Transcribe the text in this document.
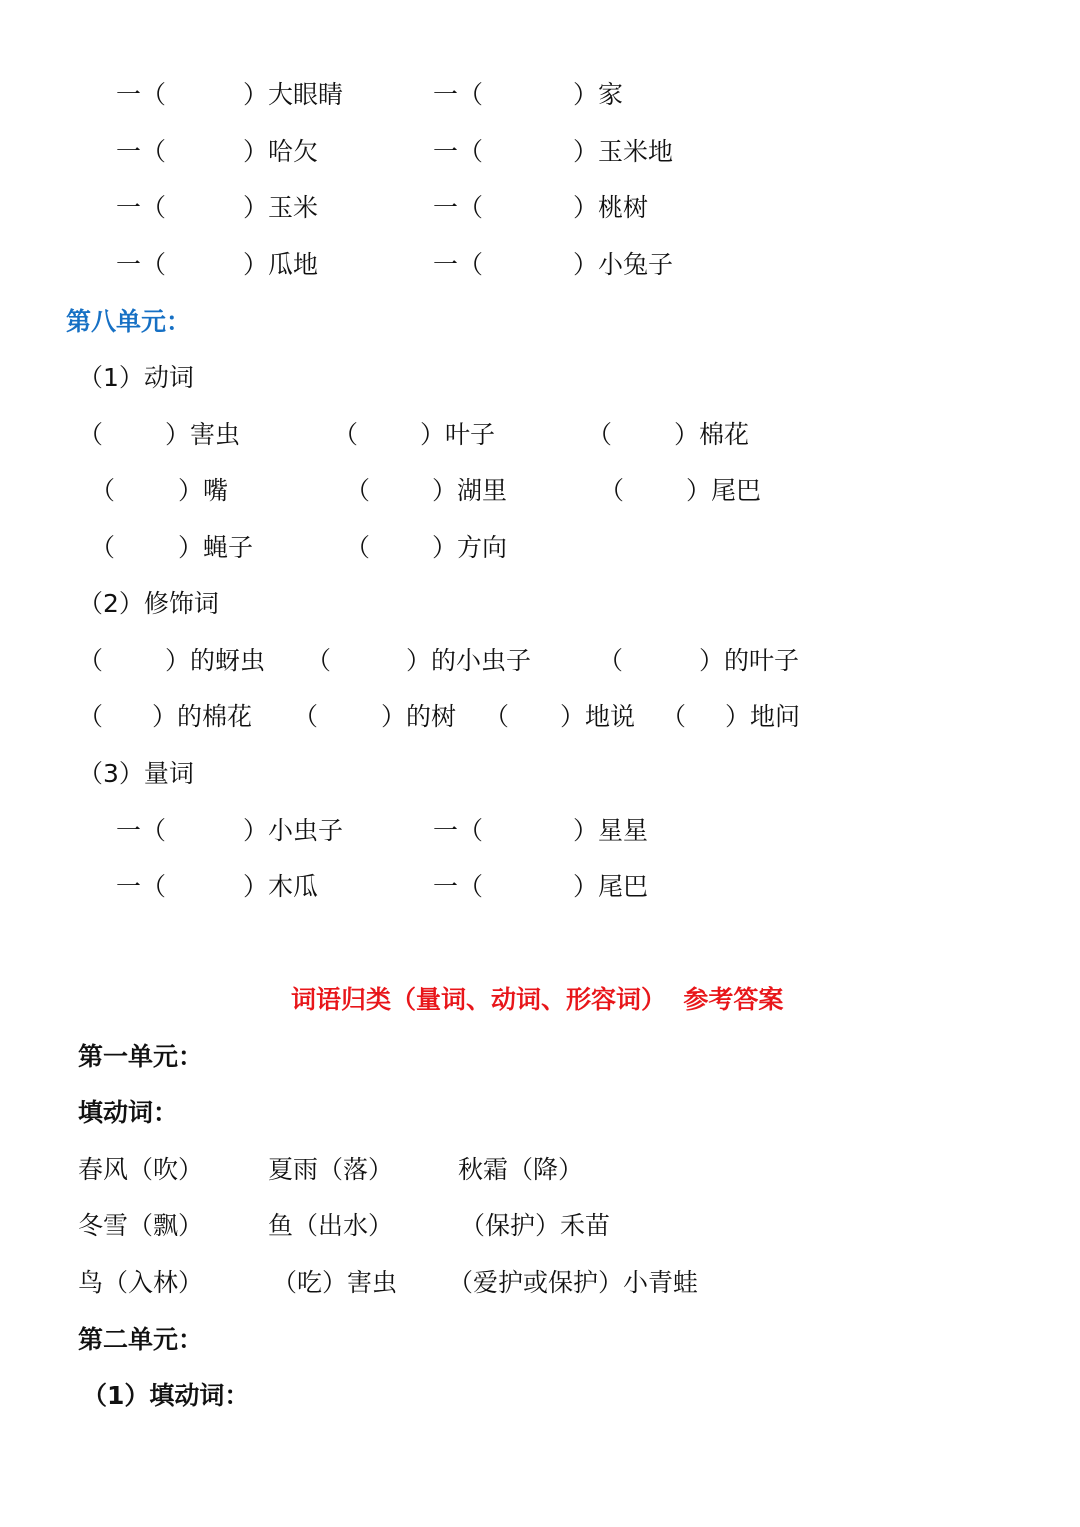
一（	）大眼睛	一（	）家
一（	）哈欠	一（	）玉米地
一（	）玉米	一（	）桃树
一（	）瓜地	一（	）小兔子
第八单元：
（1）动词
（ ）害虫	（ ）叶子	（ ）棉花
（	）嘴	（ ）湖里	（ ）尾巴
（	）蝇子	（ ）方向
（2）修饰词
（ ）的蚜虫 （	）的小虫子	（	）的叶子
（ ）的棉花 （	）的树 （ ）地说 （ ）地问
（3）量词
一（	）小虫子	一（	）星星
一（	）木瓜	一（	）尾巴
词语归类（量词、动词、形容词）  参考答案
第一单元：
填动词：
春风（吹）	夏雨（落）	秋霜（降）
冬雪（飘）	鱼（出水）	（保护）禾苗
鸟（入林）	（吃）害虫 （爱护或保护）小青蛙
第二单元：
（1）填动词：
